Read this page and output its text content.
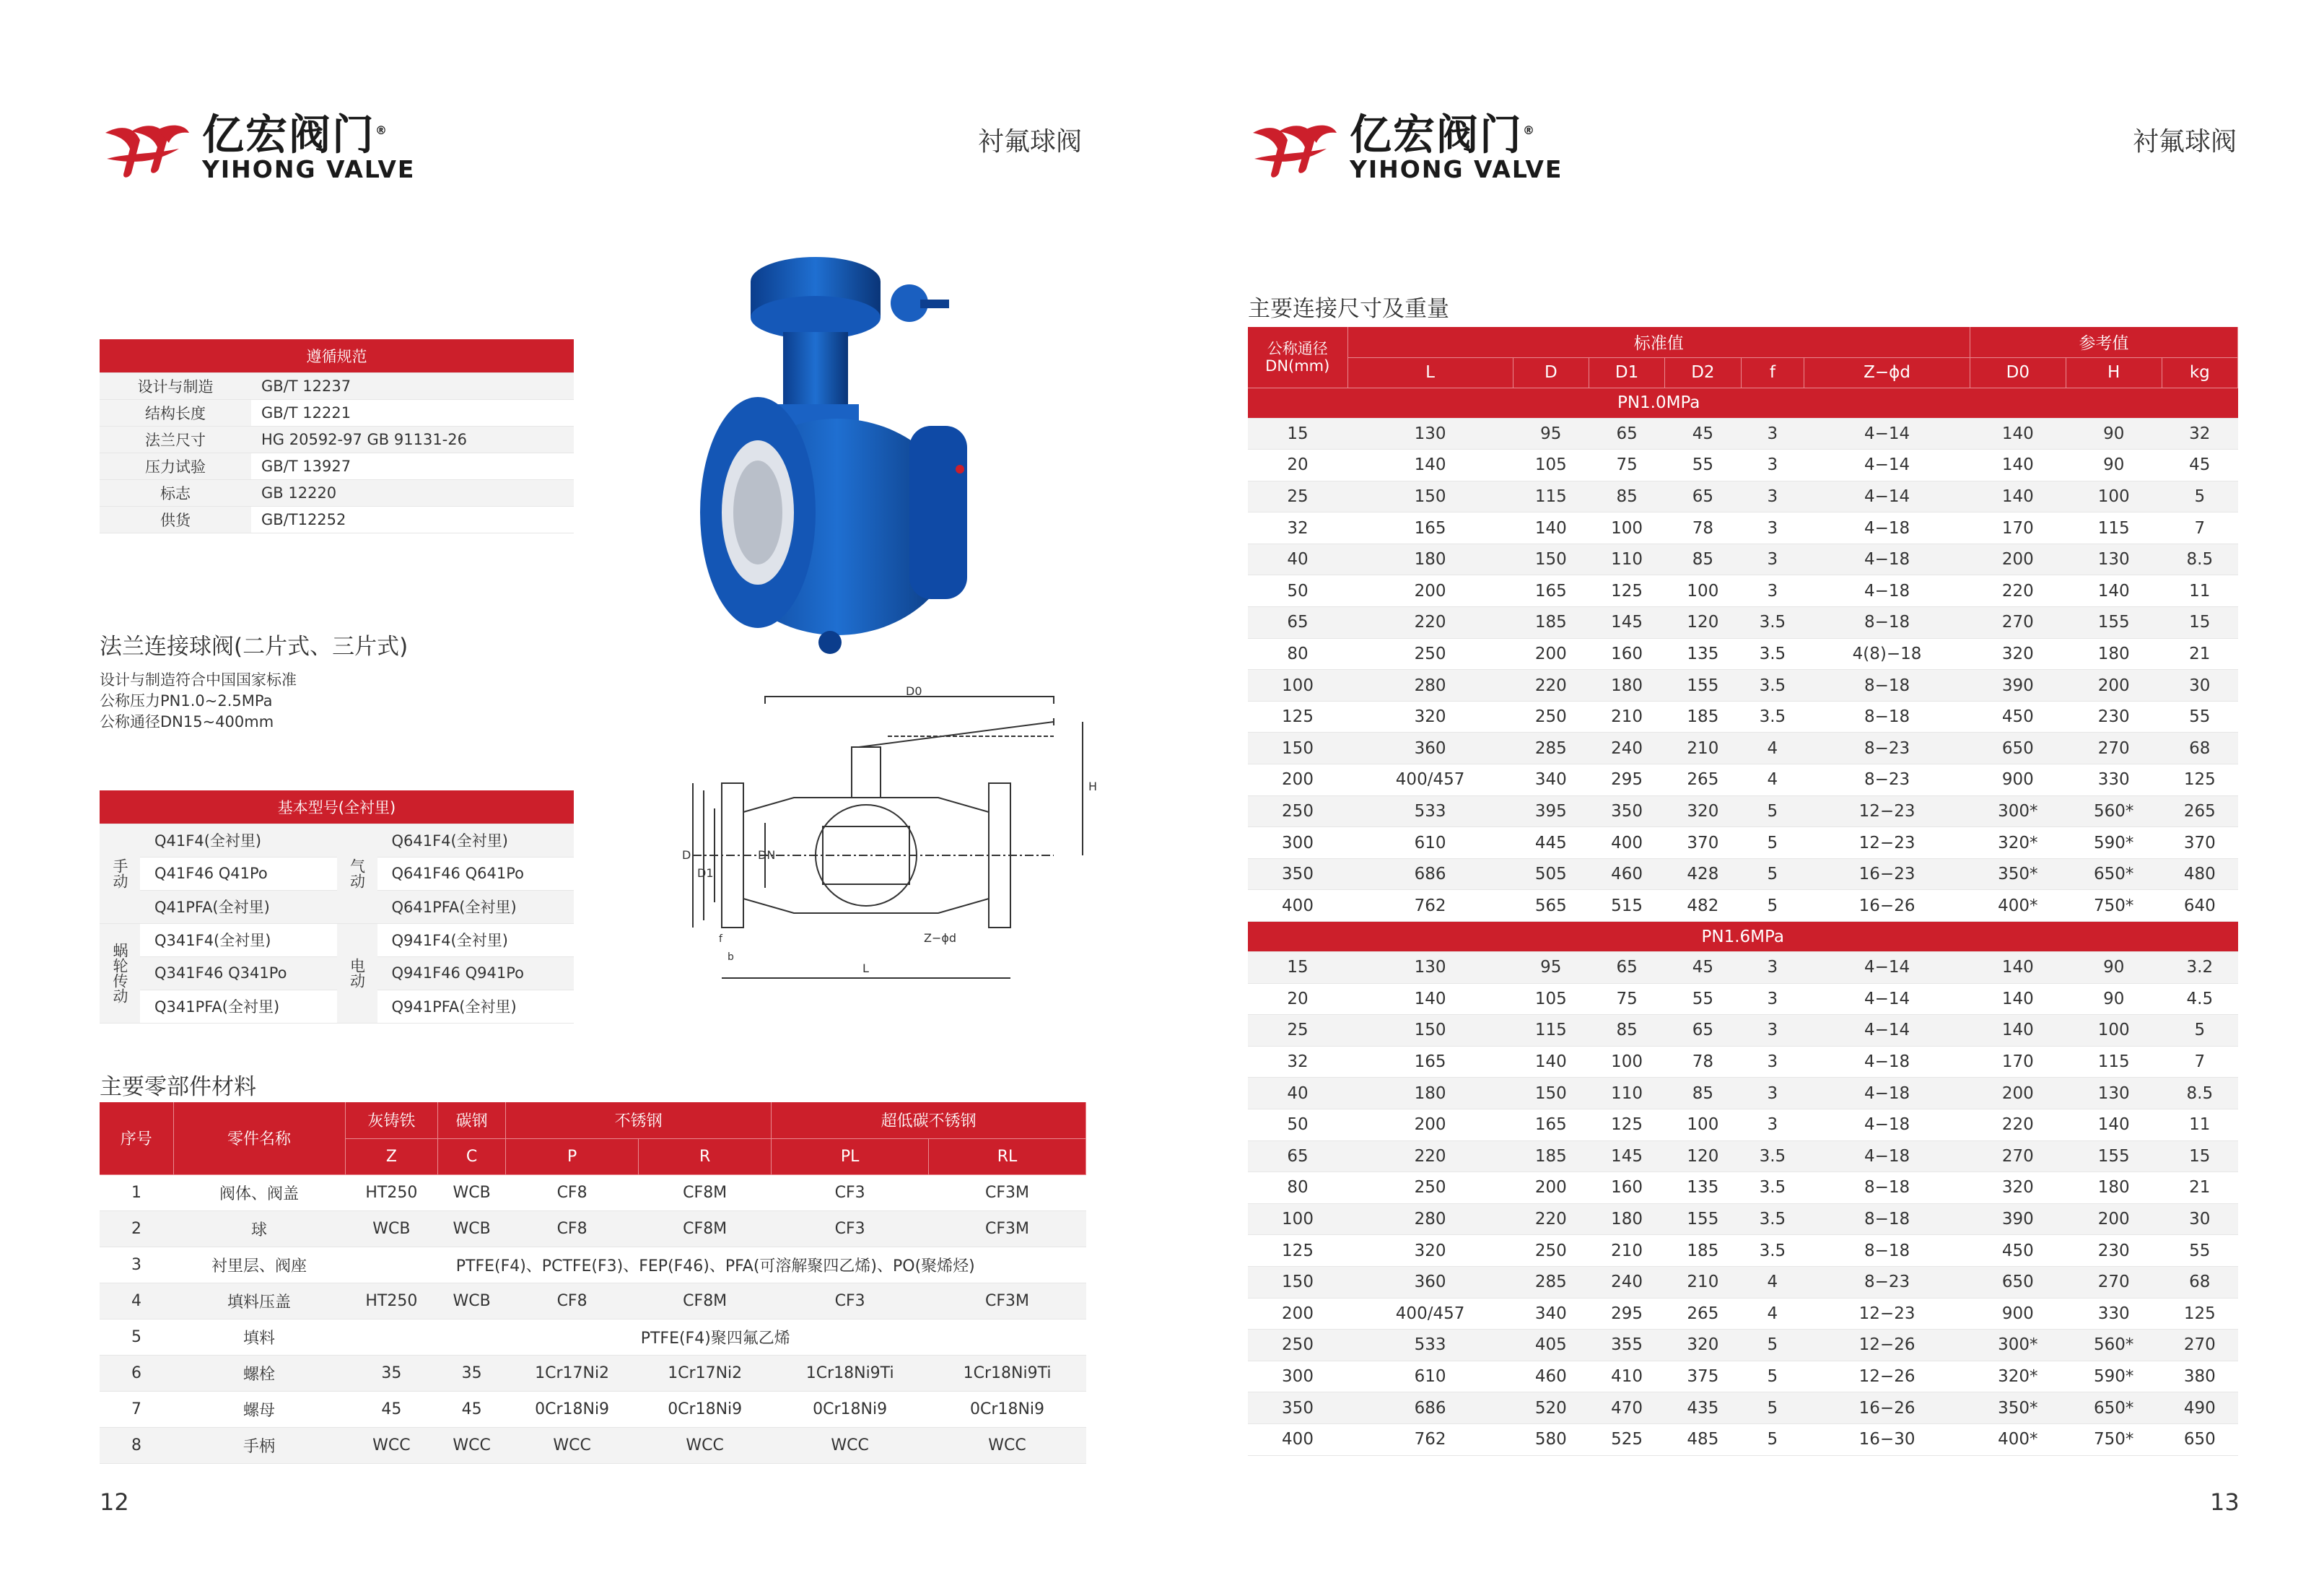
亿宏阀门®
YIHONG VALVE
衬氟球阀
遵循规范	
设计与制造	GB/T 12237
结构长度	GB/T 12221
法兰尺寸	HG 20592-97 GB 91131-26
压力试验	GB/T 13927
标志	GB 12220
供货	GB/T12252
法兰连接球阀(二片式、三片式)
设计与制造符合中国国家标准
公称压力PN1.0~2.5MPa
公称通径DN15~400mm
基本型号(全衬里)			
手动	Q41F4(全衬里)	气动	Q641F4(全衬里)
	Q41F46 Q41Po		Q641F46 Q641Po
	Q41PFA(全衬里)		Q641PFA(全衬里)
蜗轮传动	Q341F4(全衬里)	电动	Q941F4(全衬里)
	Q341F46 Q341Po		Q941F46 Q941Po
	Q341PFA(全衬里)		Q941PFA(全衬里)
D0
H
D
D1
DN
Z−ϕd
L
b
f
主要零部件材料
序号	零件名称	灰铸铁	碳钢	不锈钢		超低碳不锈钢	
		Z	C	P	R	PL	RL
1	阀体、阀盖	HT250	WCB	CF8	CF8M	CF3	CF3M
2	球	WCB	WCB	CF8	CF8M	CF3	CF3M
3	衬里层、阀座	PTFE(F4)、PCTFE(F3)、FEP(F46)、PFA(可溶解聚四乙烯)、PO(聚烯烃)					
4	填料压盖	HT250	WCB	CF8	CF8M	CF3	CF3M
5	填料	PTFE(F4)聚四氟乙烯					
6	螺栓	35	35	1Cr17Ni2	1Cr17Ni2	1Cr18Ni9Ti	1Cr18Ni9Ti
7	螺母	45	45	0Cr18Ni9	0Cr18Ni9	0Cr18Ni9	0Cr18Ni9
8	手柄	WCC	WCC	WCC	WCC	WCC	WCC
12
亿宏阀门®
YIHONG VALVE
衬氟球阀
主要连接尺寸及重量
13
公称通径DN(mm)	标准值						参考值		
	L	D	D1	D2	f	Z−ϕd	D0	H	kg
	PN1.0MPa								
15	130	95	65	45	3	4−14	140	90	32
20	140	105	75	55	3	4−14	140	90	45
25	150	115	85	65	3	4−14	140	100	5
32	165	140	100	78	3	4−18	170	115	7
40	180	150	110	85	3	4−18	200	130	8.5
50	200	165	125	100	3	4−18	220	140	11
65	220	185	145	120	3.5	8−18	270	155	15
80	250	200	160	135	3.5	4(8)−18	320	180	21
100	280	220	180	155	3.5	8−18	390	200	30
125	320	250	210	185	3.5	8−18	450	230	55
150	360	285	240	210	4	8−23	650	270	68
200	400/457	340	295	265	4	8−23	900	330	125
250	533	395	350	320	5	12−23	300*	560*	265
300	610	445	400	370	5	12−23	320*	590*	370
350	686	505	460	428	5	16−23	350*	650*	480
400	762	565	515	482	5	16−26	400*	750*	640
PN1.6MPa									
15	130	95	65	45	3	4−14	140	90	3.2
20	140	105	75	55	3	4−14	140	90	4.5
25	150	115	85	65	3	4−14	140	100	5
32	165	140	100	78	3	4−18	170	115	7
40	180	150	110	85	3	4−18	200	130	8.5
50	200	165	125	100	3	4−18	220	140	11
65	220	185	145	120	3.5	4−18	270	155	15
80	250	200	160	135	3.5	8−18	320	180	21
100	280	220	180	155	3.5	8−18	390	200	30
125	320	250	210	185	3.5	8−18	450	230	55
150	360	285	240	210	4	8−23	650	270	68
200	400/457	340	295	265	4	12−23	900	330	125
250	533	405	355	320	5	12−26	300*	560*	270
300	610	460	410	375	5	12−26	320*	590*	380
350	686	520	470	435	5	16−26	350*	650*	490
400	762	580	525	485	5	16−30	400*	750*	650
